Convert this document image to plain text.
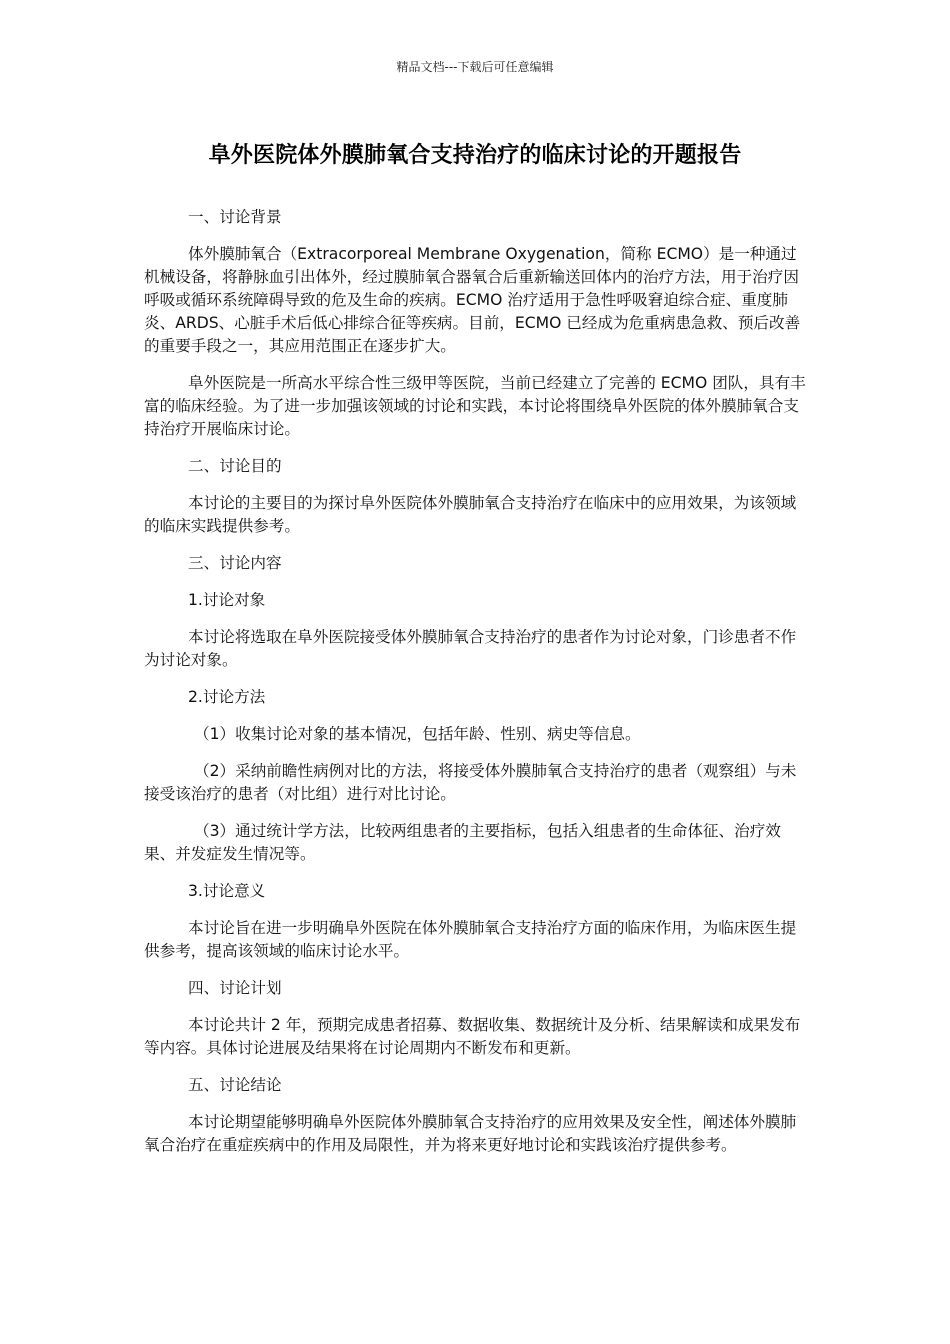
精品文档---下载后可任意编辑
阜外医院体外膜肺氧合支持治疗的临床讨论的开题报告

一、讨论背景

体外膜肺氧合（Extracorporeal Membrane Oxygenation，简称 ECMO）是一种通过机械设备，将静脉血引出体外，经过膜肺氧合器氧合后重新输送回体内的治疗方法，用于治疗因呼吸或循环系统障碍导致的危及生命的疾病。ECMO 治疗适用于急性呼吸窘迫综合症、重度肺炎、ARDS、心脏手术后低心排综合征等疾病。目前，ECMO 已经成为危重病患急救、预后改善的重要手段之一，其应用范围正在逐步扩大。

阜外医院是一所高水平综合性三级甲等医院，当前已经建立了完善的 ECMO 团队，具有丰富的临床经验。为了进一步加强该领域的讨论和实践，本讨论将围绕阜外医院的体外膜肺氧合支持治疗开展临床讨论。

二、讨论目的

本讨论的主要目的为探讨阜外医院体外膜肺氧合支持治疗在临床中的应用效果，为该领域的临床实践提供参考。

三、讨论内容

1.讨论对象

本讨论将选取在阜外医院接受体外膜肺氧合支持治疗的患者作为讨论对象，门诊患者不作为讨论对象。

2.讨论方法

（1）收集讨论对象的基本情况，包括年龄、性别、病史等信息。

（2）采纳前瞻性病例对比的方法，将接受体外膜肺氧合支持治疗的患者（观察组）与未接受该治疗的患者（对比组）进行对比讨论。

（3）通过统计学方法，比较两组患者的主要指标，包括入组患者的生命体征、治疗效果、并发症发生情况等。

3.讨论意义

本讨论旨在进一步明确阜外医院在体外膜肺氧合支持治疗方面的临床作用，为临床医生提供参考，提高该领域的临床讨论水平。

四、讨论计划

本讨论共计 2 年，预期完成患者招募、数据收集、数据统计及分析、结果解读和成果发布等内容。具体讨论进展及结果将在讨论周期内不断发布和更新。

五、讨论结论

本讨论期望能够明确阜外医院体外膜肺氧合支持治疗的应用效果及安全性，阐述体外膜肺氧合治疗在重症疾病中的作用及局限性，并为将来更好地讨论和实践该治疗提供参考。
